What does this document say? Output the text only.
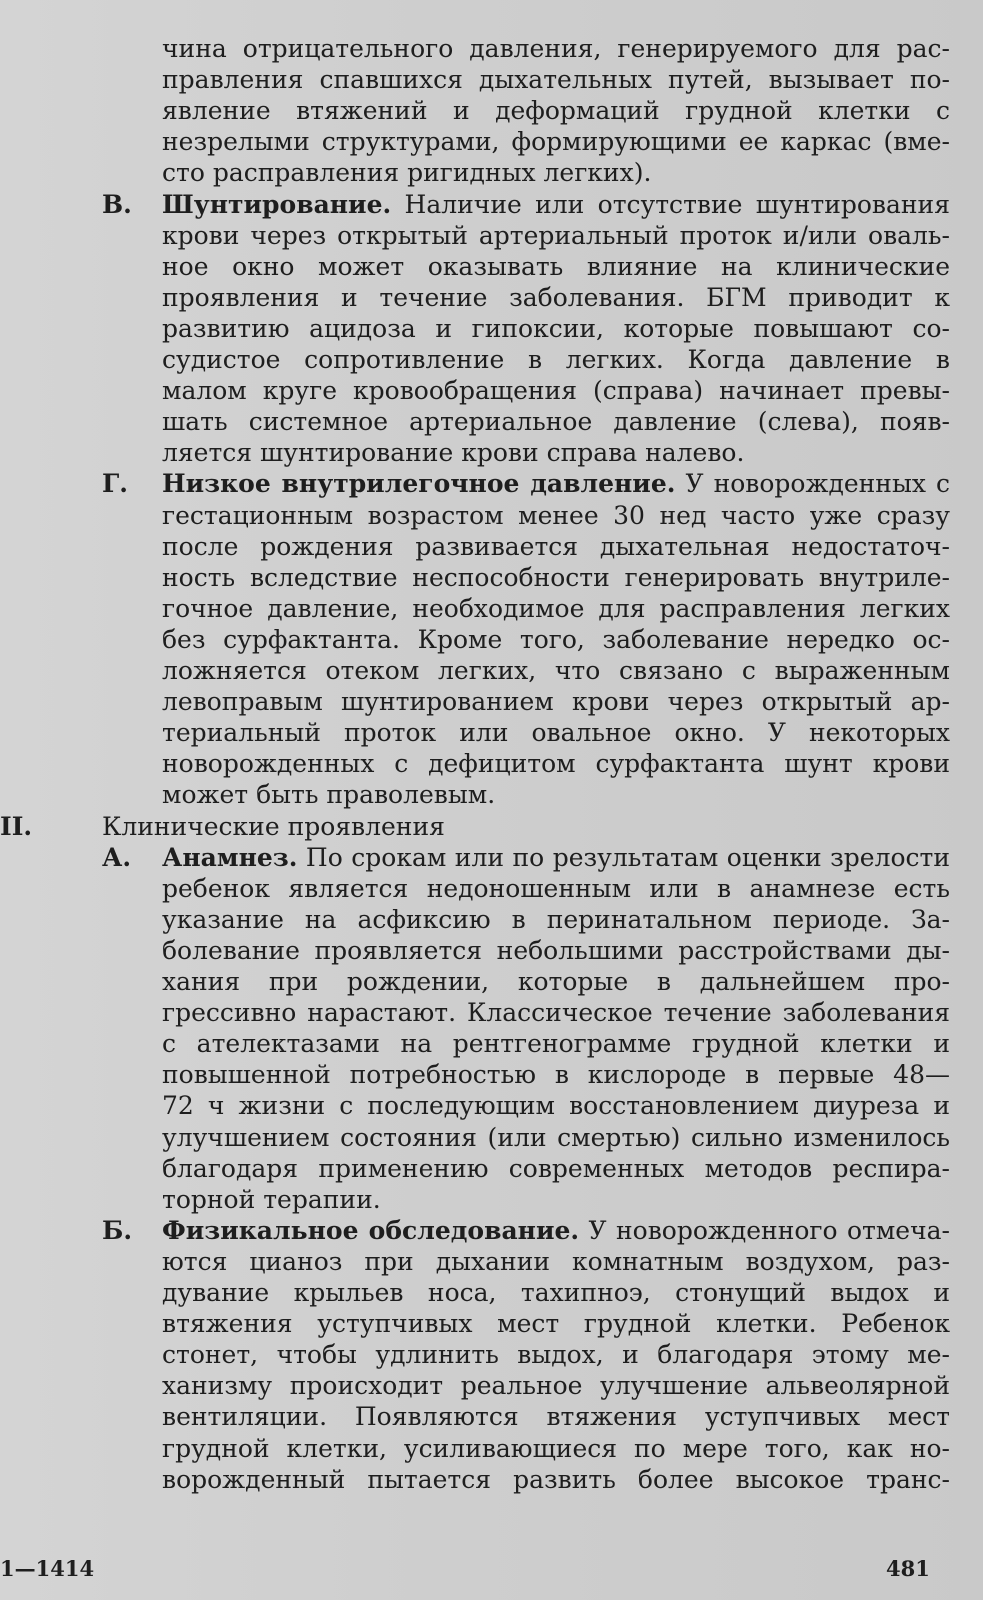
чина отрицательного давления, генерируемого для рас-
правления спавшихся дыхательных путей, вызывает по-
явление втяжений и деформаций грудной клетки с
незрелыми структурами, формирующими ее каркас (вме-
сто расправления ригидных легких).
В. Шунтирование. Наличие или отсутствие шунтирования
крови через открытый артериальный проток и/или оваль-
ное окно может оказывать влияние на клинические
проявления и течение заболевания. БГМ приводит к
развитию ацидоза и гипоксии, которые повышают со-
судистое сопротивление в легких. Когда давление в
малом круге кровообращения (справа) начинает превы-
шать системное артериальное давление (слева), появ-
ляется шунтирование крови справа налево.
Г. Низкое внутрилегочное давление. У новорожденных с
гестационным возрастом менее 30 нед часто уже сразу
после рождения развивается дыхательная недостаточ-
ность вследствие неспособности генерировать внутриле-
гочное давление, необходимое для расправления легких
без сурфактанта. Кроме того, заболевание нередко ос-
ложняется отеком легких, что связано с выраженным
левоправым шунтированием крови через открытый ар-
териальный проток или овальное окно. У некоторых
новорожденных с дефицитом сурфактанта шунт крови
может быть праволевым.
II.	Клинические проявления
А. Анамнез. По срокам или по результатам оценки зрелости
ребенок является недоношенным или в анамнезе есть
указание на асфиксию в перинатальном периоде. За-
болевание проявляется небольшими расстройствами ды-
хания при рождении, которые в дальнейшем про-
грессивно нарастают. Классическое течение заболевания
с ателектазами на рентгенограмме грудной клетки и
повышенной потребностью в кислороде в первые 48—
72 ч жизни с последующим восстановлением диуреза и
улучшением состояния (или смертью) сильно изменилось
благодаря применению современных методов респира-
торной терапии.
Б. Физикальное обследование. У новорожденного отмеча-
ются цианоз при дыхании комнатным воздухом, раз-
дувание крыльев носа, тахипноэ, стонущий выдох и
втяжения уступчивых мест грудной клетки. Ребенок
стонет, чтобы удлинить выдох, и благодаря этому ме-
ханизму происходит реальное улучшение альвеолярной
вентиляции. Появляются втяжения уступчивых мест
грудной клетки, усиливающиеся по мере того, как но-
ворожденный пытается развить более высокое транс-
1—1414	481
